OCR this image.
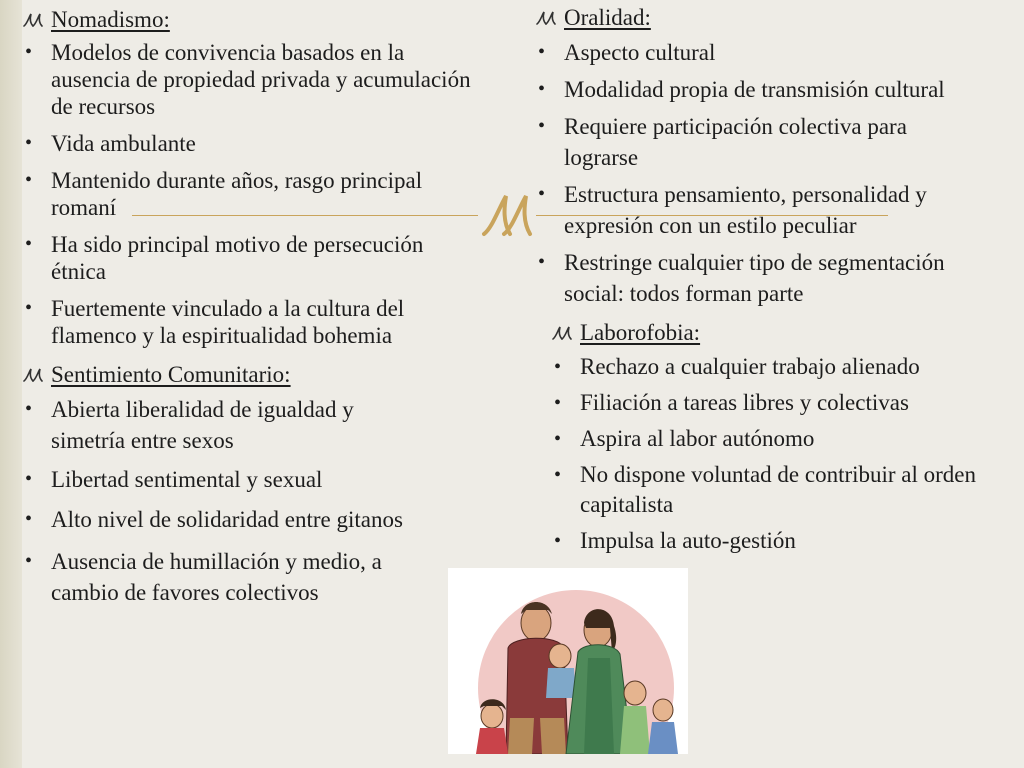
Nomadismo:
• Modelos de convivencia basados en la ausencia de propiedad privada y acumulación de recursos
• Vida ambulante
• Mantenido durante años, rasgo principal romaní
• Ha sido principal motivo de persecución étnica
• Fuertemente vinculado a la cultura del flamenco y la espiritualidad bohemia
Sentimiento Comunitario:
• Abierta liberalidad de igualdad y simetría entre sexos
• Libertad sentimental y sexual
• Alto nivel de solidaridad entre gitanos
• Ausencia de humillación y medio, a cambio de favores colectivos
Oralidad:
• Aspecto cultural
• Modalidad propia de transmisión cultural
• Requiere participación colectiva para lograrse
• Estructura pensamiento, personalidad y expresión con un estilo peculiar
• Restringe cualquier tipo de segmentación social: todos forman parte
Laborofobia:
• Rechazo a cualquier trabajo alienado
• Filiación a tareas libres y colectivas
• Aspira al labor autónomo
• No dispone voluntad de contribuir al orden capitalista
• Impulsa la auto-gestión
